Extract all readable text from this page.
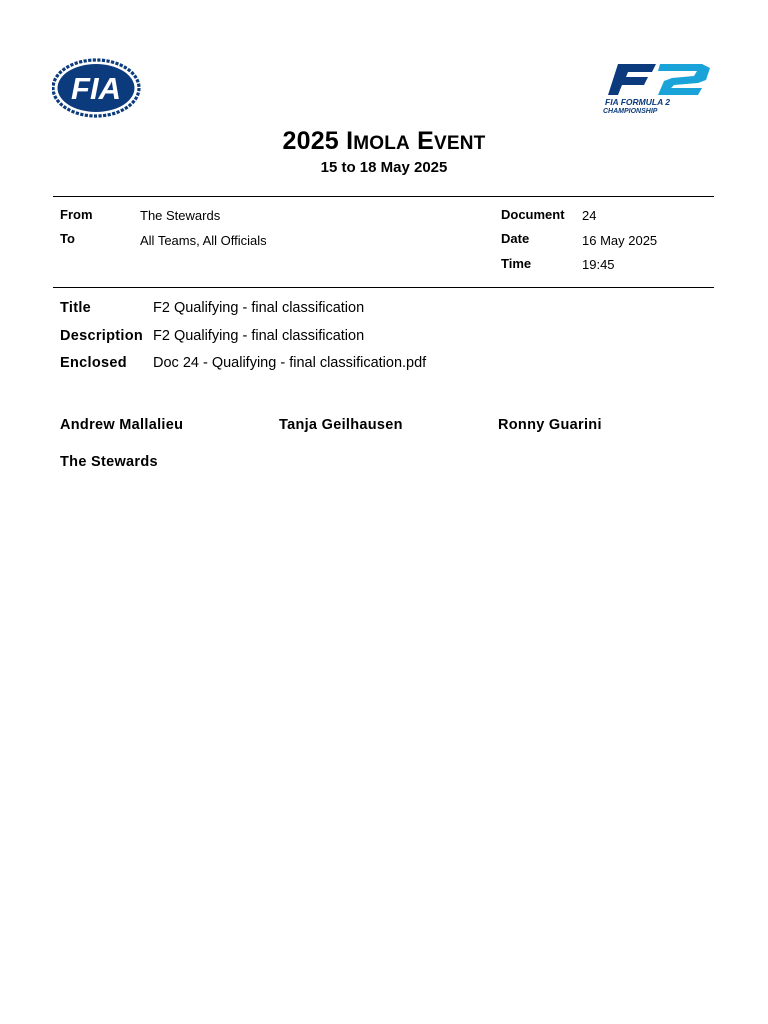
FIA	FIA FORMULA 2
CHAMPIONSHIP
2025 IMOLA EVENT
15 to 18 May 2025
From	The Stewards
To	All Teams, All Officials
Document 24
Date	16 May 2025
Time	19:45
Title	F2 Qualifying - final classification
Description F2 Qualifying - final classification
Enclosed Doc 24 - Qualifying - final classification.pdf
Andrew Mallalieu	Tanja Geilhausen	Ronny Guarini
The Stewards
